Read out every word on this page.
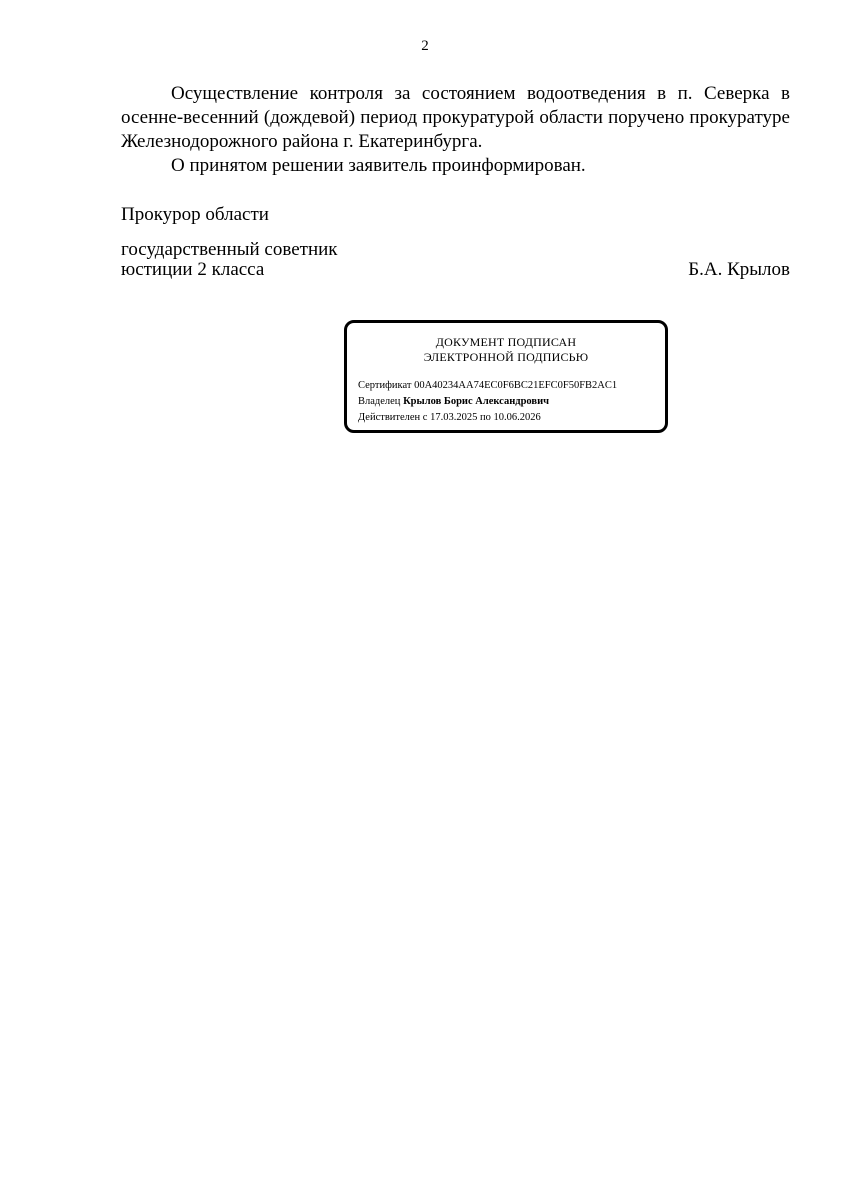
2

Осуществление контроля за состоянием водоотведения в п. Северка в осенне-весенний (дождевой) период прокуратурой области поручено прокуратуре Железнодорожного района г. Екатеринбурга.

О принятом решении заявитель проинформирован.

Прокурор области
государственный советник
юстиции 2 класса	Б.А. Крылов
ДОКУМЕНТ ПОДПИСАН
ЭЛЕКТРОННОЙ ПОДПИСЬЮ
Сертификат 00A40234AA74EC0F6BC21EFC0F50FB2AC1
Владелец Крылов Борис Александрович
Действителен с 17.03.2025 по 10.06.2026
